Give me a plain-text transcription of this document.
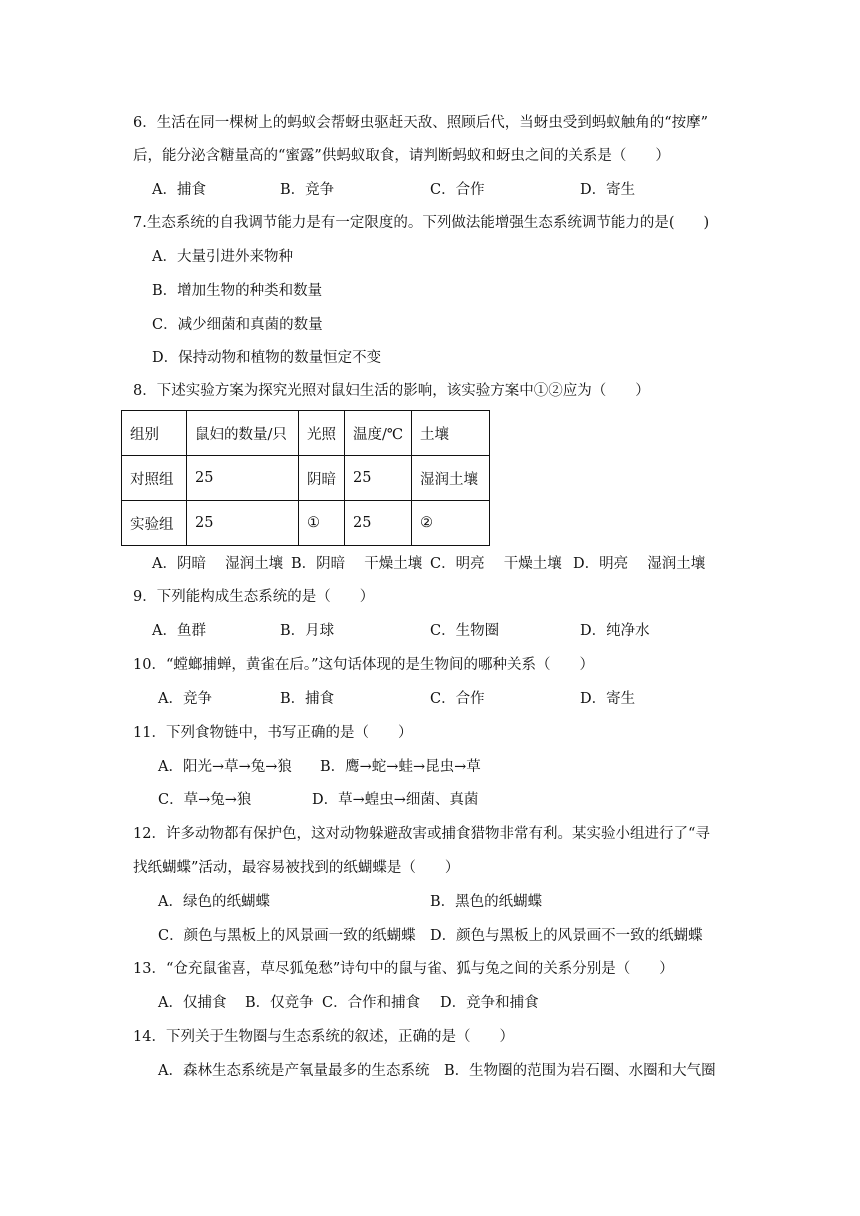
6．生活在同一棵树上的蚂蚁会帮蚜虫驱赶天敌、照顾后代，当蚜虫受到蚂蚁触角的“按摩”
后，能分泌含糖量高的“蜜露”供蚂蚁取食，请判断蚂蚁和蚜虫之间的关系是（　　）
A．捕食	B．竞争	C．合作	D．寄生
7.生态系统的自我调节能力是有一定限度的。下列做法能增强生态系统调节能力的是(　　)
A．大量引进外来物种
B．增加生物的种类和数量
C．减少细菌和真菌的数量
D．保持动物和植物的数量恒定不变
8．下述实验方案为探究光照对鼠妇生活的影响，该实验方案中①②应为（　　）
组别	鼠妇的数量/只	光照	温度/℃	土壤
对照组	25	阴暗	25	湿润土壤
实验组	25	①	25	②
A．阴暗　 湿润土壤 B．阴暗　 干燥土壤 C．明亮　 干燥土壤 D．明亮　 湿润土壤
9．下列能构成生态系统的是（　　）
A．鱼群	B．月球	C．生物圈	D．纯净水
10．“螳螂捕蝉，黄雀在后。”这句话体现的是生物间的哪种关系（　　）
A．竞争	B．捕食	C．合作	D．寄生
11．下列食物链中，书写正确的是（　　）
A．阳光→草→兔→狼 B．鹰→蛇→蛙→昆虫→草
C．草→兔→狼	D．草→蝗虫→细菌、真菌
12．许多动物都有保护色，这对动物躲避敌害或捕食猎物非常有利。某实验小组进行了“寻
找纸蝴蝶”活动，最容易被找到的纸蝴蝶是（　　）
A．绿色的纸蝴蝶	B．黑色的纸蝴蝶
C．颜色与黑板上的风景画一致的纸蝴蝶 D．颜色与黑板上的风景画不一致的纸蝴蝶
13．“仓充鼠雀喜，草尽狐兔愁”诗句中的鼠与雀、狐与兔之间的关系分别是（　　）
A．仅捕食 B．仅竞争 C．合作和捕食 D．竞争和捕食
14．下列关于生物圈与生态系统的叙述，正确的是（　　）
A．森林生态系统是产氧量最多的生态系统 B．生物圈的范围为岩石圈、水圈和大气圈
